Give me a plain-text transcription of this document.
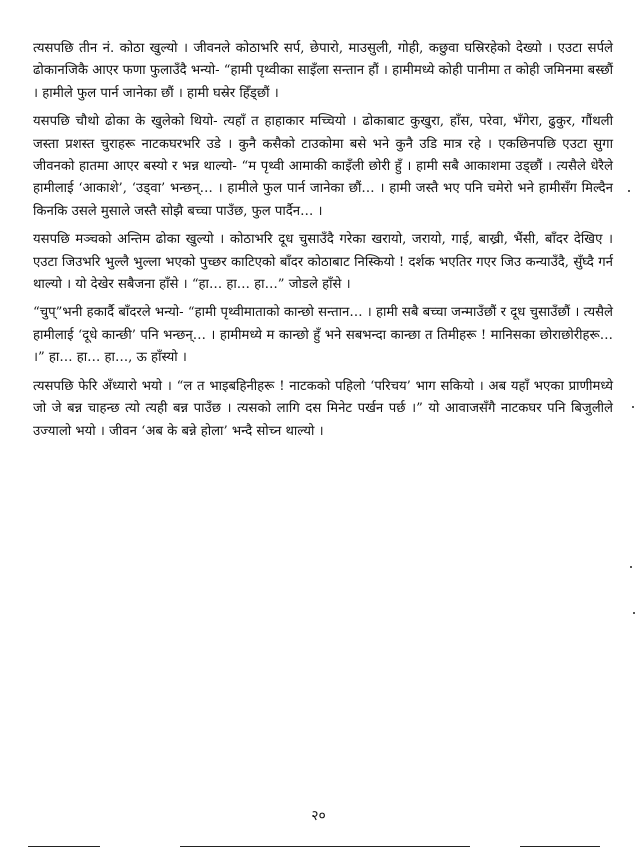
त्यसपछि तीन नं. कोठा खुल्यो । जीवनले कोठाभरि सर्प, छेपारो, माउसुली, गोही, कछुवा घस्रिरहेको देख्यो । एउटा सर्पले ढोकानजिकै आएर फणा फुलाउँदै भन्यो- “हामी पृथ्वीका साइँला सन्तान हौं । हामीमध्ये कोही पानीमा त कोही जमिनमा बस्छौं । हामीले फुल पार्न जानेका छौं । हामी घस्रेर हिँड्छौं ।

यसपछि चौथो ढोका के खुलेको थियो- त्यहाँ त हाहाकार मच्चियो । ढोकाबाट कुखुरा, हाँस, परेवा, भँगेरा, ढुकुर, गौंथली जस्ता प्रशस्त चुराहरू नाटकघरभरि उडे । कुनै कसैको टाउकोमा बसे भने कुनै उडि मात्र रहे । एकछिनपछि एउटा सुगा जीवनको हातमा आएर बस्यो र भन्न थाल्यो- “म पृथ्वी आमाकी काइँली छोरी हुँ । हामी सबै आकाशमा उड्छौं । त्यसैले धेरैले हामीलाई ‘आकाशे’, ‘उड्वा’ भन्छन्… । हामीले फुल पार्न जानेका छौं… । हामी जस्तै भए पनि चमेरो भने हामीसँग मिल्दैन किनकि उसले मुसाले जस्तै सोझै बच्चा पाउँछ, फुल पार्दैन… ।

यसपछि मञ्चको अन्तिम ढोका खुल्यो । कोठाभरि दूध चुसाउँदै गरेका खरायो, जरायो, गाई, बाख्री, भैंसी, बाँदर देखिए । एउटा जिउभरि भुल्लै भुल्ला भएको पुच्छर काटिएको बाँदर कोठाबाट निस्कियो ! दर्शक भएतिर गएर जिउ कन्याउँदै, सुँघ्दै गर्न थाल्यो । यो देखेर सबैजना हाँसे । “हा… हा… हा…” जोडले हाँसे ।

“चुप्”भनी हकार्दै बाँदरले भन्यो- “हामी पृथ्वीमाताको कान्छो सन्तान… । हामी सबै बच्चा जन्माउँछौं र दूध चुसाउँछौं । त्यसैले हामीलाई ‘दूधे कान्छी’ पनि भन्छन्… । हामीमध्ये म कान्छो हुँ भने सबभन्दा कान्छा त तिमीहरू ! मानिसका छोराछोरीहरू… ।” हा… हा… हा…, ऊ हाँस्यो ।

त्यसपछि फेरि अँध्यारो भयो । “ल त भाइबहिनीहरू ! नाटकको पहिलो ‘परिचय’ भाग सकियो । अब यहाँ भएका प्राणीमध्ये जो जे बन्न चाहन्छ त्यो त्यही बन्न पाउँछ । त्यसको लागि दस मिनेट पर्खन पर्छ ।” यो आवाजसँगै नाटकघर पनि बिजुलीले उज्यालो भयो । जीवन ‘अब के बन्ने होला’ भन्दै सोच्न थाल्यो ।

२०
